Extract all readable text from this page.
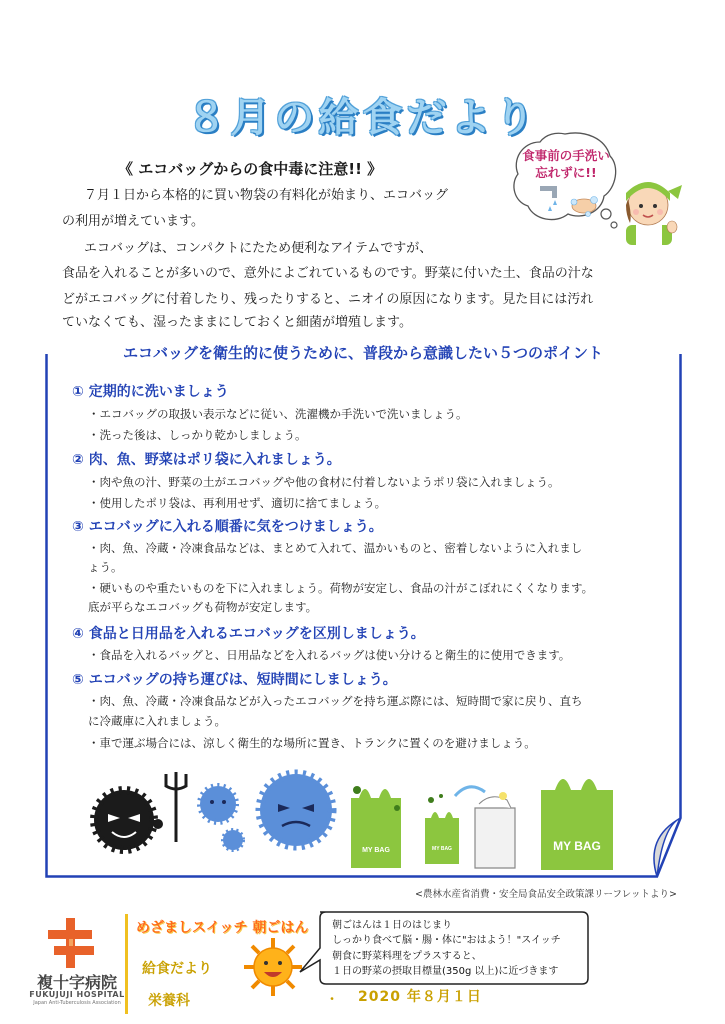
８月の給食だより
食事前の手洗い
忘れずに!!
《 エコバッグからの食中毒に注意!! 》
７月１日から本格的に買い物袋の有料化が始まり、エコバッグ
の利用が増えています。
エコバッグは、コンパクトにたため便利なアイテムですが、
食品を入れることが多いので、意外によごれているものです。野菜に付いた土、食品の汁な
どがエコバッグに付着したり、残ったりすると、ニオイの原因になります。見た目には汚れ
ていなくても、湿ったままにしておくと細菌が増殖します。
エコバッグを衛生的に使うために、普段から意識したい５つのポイント
① 定期的に洗いましょう
・エコバッグの取扱い表示などに従い、洗濯機か手洗いで洗いましょう。
・洗った後は、しっかり乾かしましょう。
② 肉、魚、野菜はポリ袋に入れましょう。
・肉や魚の汁、野菜の土がエコバッグや他の食材に付着しないようポリ袋に入れましょう。
・使用したポリ袋は、再利用せず、適切に捨てましょう。
③ エコバッグに入れる順番に気をつけましょう。
・肉、魚、冷蔵・冷凍食品などは、まとめて入れて、温かいものと、密着しないように入れまし
ょう。
・硬いものや重たいものを下に入れましょう。荷物が安定し、食品の汁がこぼれにくくなります。
底が平らなエコバッグも荷物が安定します。
④ 食品と日用品を入れるエコバッグを区別しましょう。
・食品を入れるバッグと、日用品などを入れるバッグは使い分けると衛生的に使用できます。
⑤ エコバッグの持ち運びは、短時間にしましょう。
・肉、魚、冷蔵・冷凍食品などが入ったエコバッグを持ち運ぶ際には、短時間で家に戻り、直ち
に冷蔵庫に入れましょう。
・車で運ぶ場合には、涼しく衛生的な場所に置き、トランクに置くのを避けましょう。
MY BAG	MY BAG	MY BAG
<農林水産省消費・安全局食品安全政策課リーフレットより>
複十字病院
FUKUJUJI HOSPITAL
Japan Anti-Tuberculosis Association
めざましスイッチ 朝ごはん
給食だより
栄養科
朝ごはんは１日のはじまり
しっかり食べて脳・腸・体に"おはよう！"スイッチ
朝食に野菜料理をプラスすると、
１日の野菜の摂取目標量(350g 以上)に近づきます
・ 2020 年８月１日
